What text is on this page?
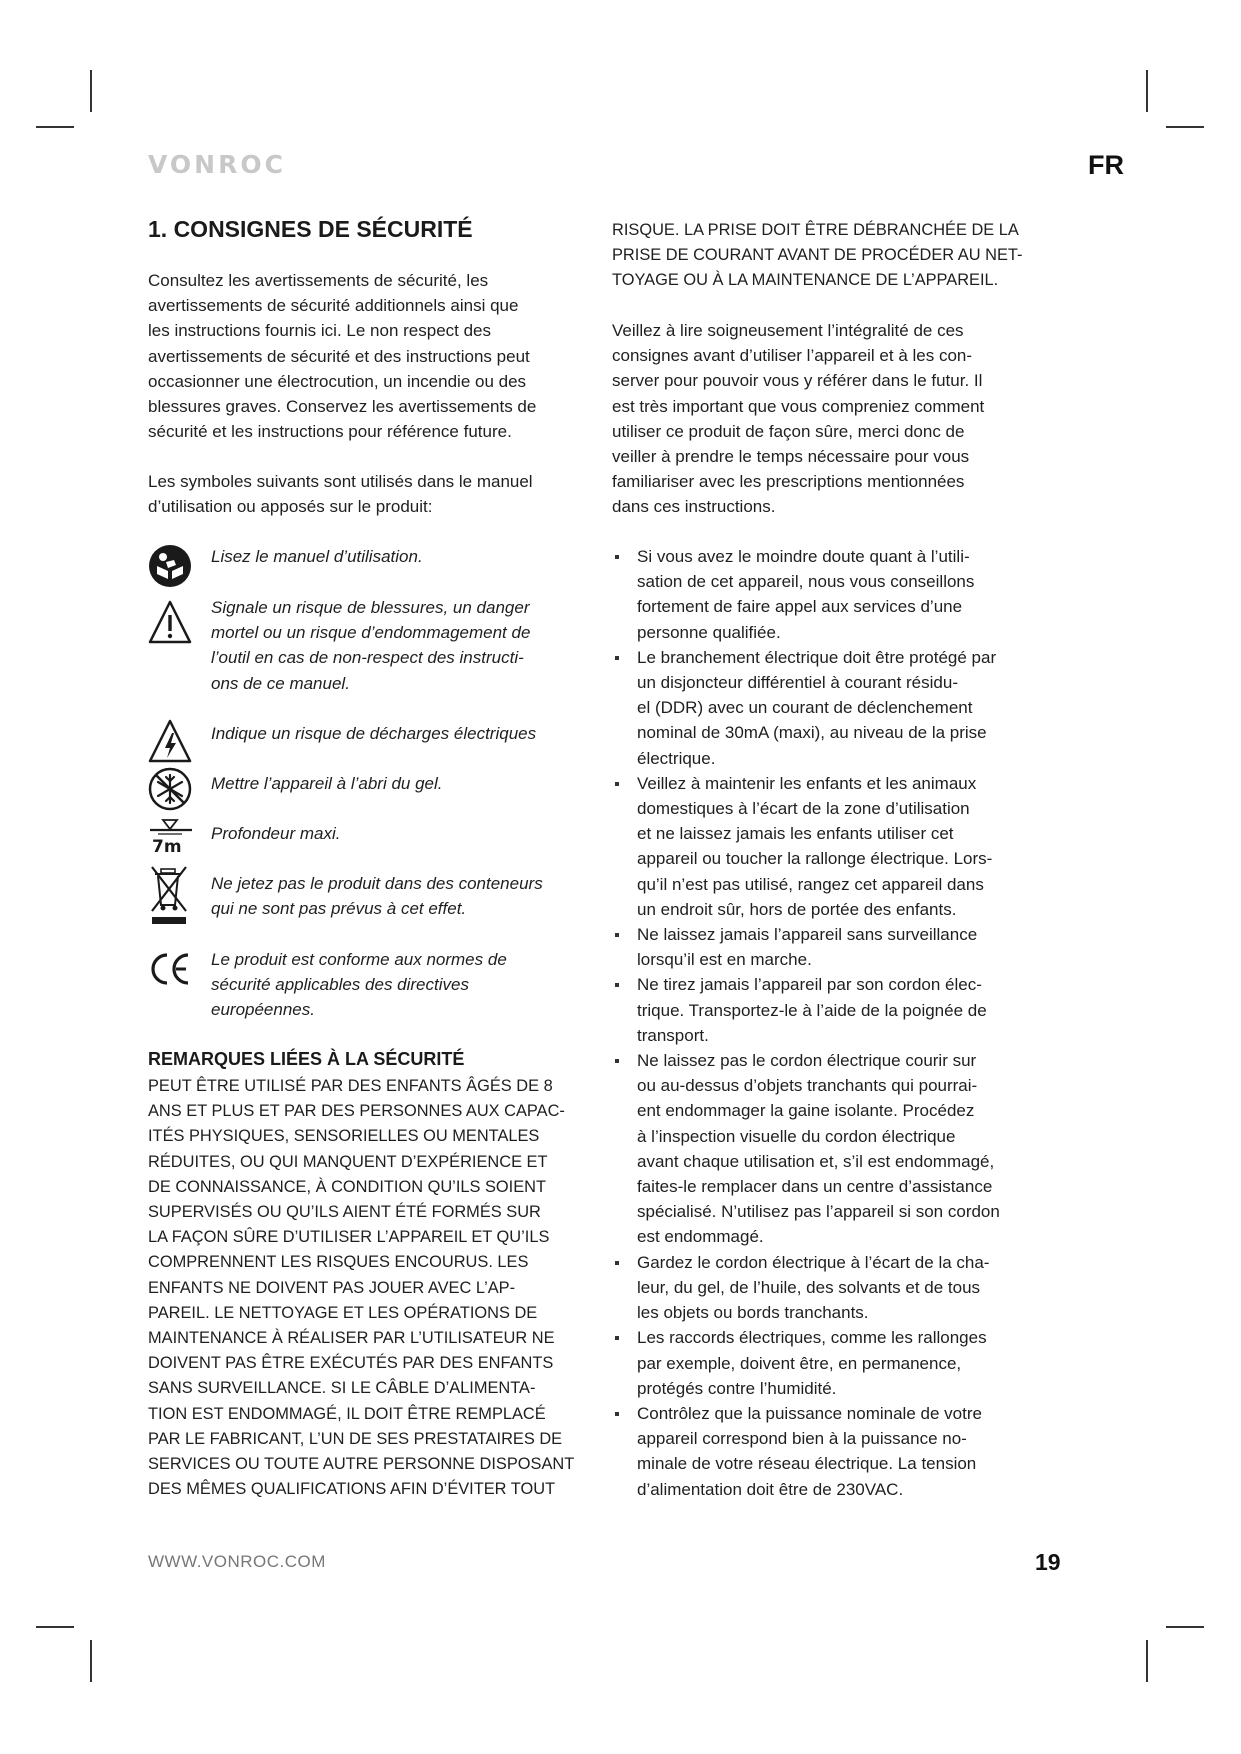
VONROC	FR
1. CONSIGNES DE SÉCURITÉ

Consultez les avertissements de sécurité, les
avertissements de sécurité additionnels ainsi que
les instructions fournis ici. Le non respect des
avertissements de sécurité et des instructions peut
occasionner une électrocution, un incendie ou des
blessures graves. Conservez les avertissements de
sécurité et les instructions pour référence future.

Les symboles suivants sont utilisés dans le manuel
d’utilisation ou apposés sur le produit:

Lisez le manuel d’utilisation.

Signale un risque de blessures, un danger
mortel ou un risque d’endommagement de
l’outil en cas de non-respect des instructi-
ons de ce manuel.

Indique un risque de décharges électriques

Mettre l’appareil à l’abri du gel.

7m

Profondeur maxi.

Ne jetez pas le produit dans des conteneurs
qui ne sont pas prévus à cet effet.

Le produit est conforme aux normes de
sécurité applicables des directives
européennes.

REMARQUES LIÉES À LA SÉCURITÉ

PEUT ÊTRE UTILISÉ PAR DES ENFANTS ÂGÉS DE 8
ANS ET PLUS ET PAR DES PERSONNES AUX CAPAC-
ITÉS PHYSIQUES, SENSORIELLES OU MENTALES
RÉDUITES, OU QUI MANQUENT D’EXPÉRIENCE ET
DE CONNAISSANCE, À CONDITION QU’ILS SOIENT
SUPERVISÉS OU QU’ILS AIENT ÉTÉ FORMÉS SUR
LA FAÇON SÛRE D’UTILISER L’APPAREIL ET QU’ILS
COMPRENNENT LES RISQUES ENCOURUS. LES
ENFANTS NE DOIVENT PAS JOUER AVEC L’AP-
PAREIL. LE NETTOYAGE ET LES OPÉRATIONS DE
MAINTENANCE À RÉALISER PAR L’UTILISATEUR NE
DOIVENT PAS ÊTRE EXÉCUTÉS PAR DES ENFANTS
SANS SURVEILLANCE. SI LE CÂBLE D’ALIMENTA-
TION EST ENDOMMAGÉ, IL DOIT ÊTRE REMPLACÉ
PAR LE FABRICANT, L’UN DE SES PRESTATAIRES DE
SERVICES OU TOUTE AUTRE PERSONNE DISPOSANT
DES MÊMES QUALIFICATIONS AFIN D’ÉVITER TOUT

RISQUE. LA PRISE DOIT ÊTRE DÉBRANCHÉE DE LA
PRISE DE COURANT AVANT DE PROCÉDER AU NET-
TOYAGE OU À LA MAINTENANCE DE L’APPAREIL.

Veillez à lire soigneusement l’intégralité de ces
consignes avant d’utiliser l’appareil et à les con-
server pour pouvoir vous y référer dans le futur. Il
est très important que vous compreniez comment
utiliser ce produit de façon sûre, merci donc de
veiller à prendre le temps nécessaire pour vous
familiariser avec les prescriptions mentionnées
dans ces instructions.

Si vous avez le moindre doute quant à l’utili-
sation de cet appareil, nous vous conseillons
fortement de faire appel aux services d’une
personne qualifiée.
Le branchement électrique doit être protégé par
un disjoncteur différentiel à courant résidu-
el (DDR) avec un courant de déclenchement
nominal de 30mA (maxi), au niveau de la prise
électrique.
Veillez à maintenir les enfants et les animaux
domestiques à l’écart de la zone d’utilisation
et ne laissez jamais les enfants utiliser cet
appareil ou toucher la rallonge électrique. Lors-
qu’il n’est pas utilisé, rangez cet appareil dans
un endroit sûr, hors de portée des enfants.
Ne laissez jamais l’appareil sans surveillance
lorsqu’il est en marche.
Ne tirez jamais l’appareil par son cordon élec-
trique. Transportez-le à l’aide de la poignée de
transport.
Ne laissez pas le cordon électrique courir sur
ou au-dessus d’objets tranchants qui pourrai-
ent endommager la gaine isolante. Procédez
à l’inspection visuelle du cordon électrique
avant chaque utilisation et, s’il est endommagé,
faites-le remplacer dans un centre d’assistance
spécialisé. N’utilisez pas l’appareil si son cordon
est endommagé.
Gardez le cordon électrique à l’écart de la cha-
leur, du gel, de l’huile, des solvants et de tous
les objets ou bords tranchants.
Les raccords électriques, comme les rallonges
par exemple, doivent être, en permanence,
protégés contre l’humidité.
Contrôlez que la puissance nominale de votre
appareil correspond bien à la puissance no-
minale de votre réseau électrique. La tension
d’alimentation doit être de 230VAC.
WWW.VONROC.COM	19
